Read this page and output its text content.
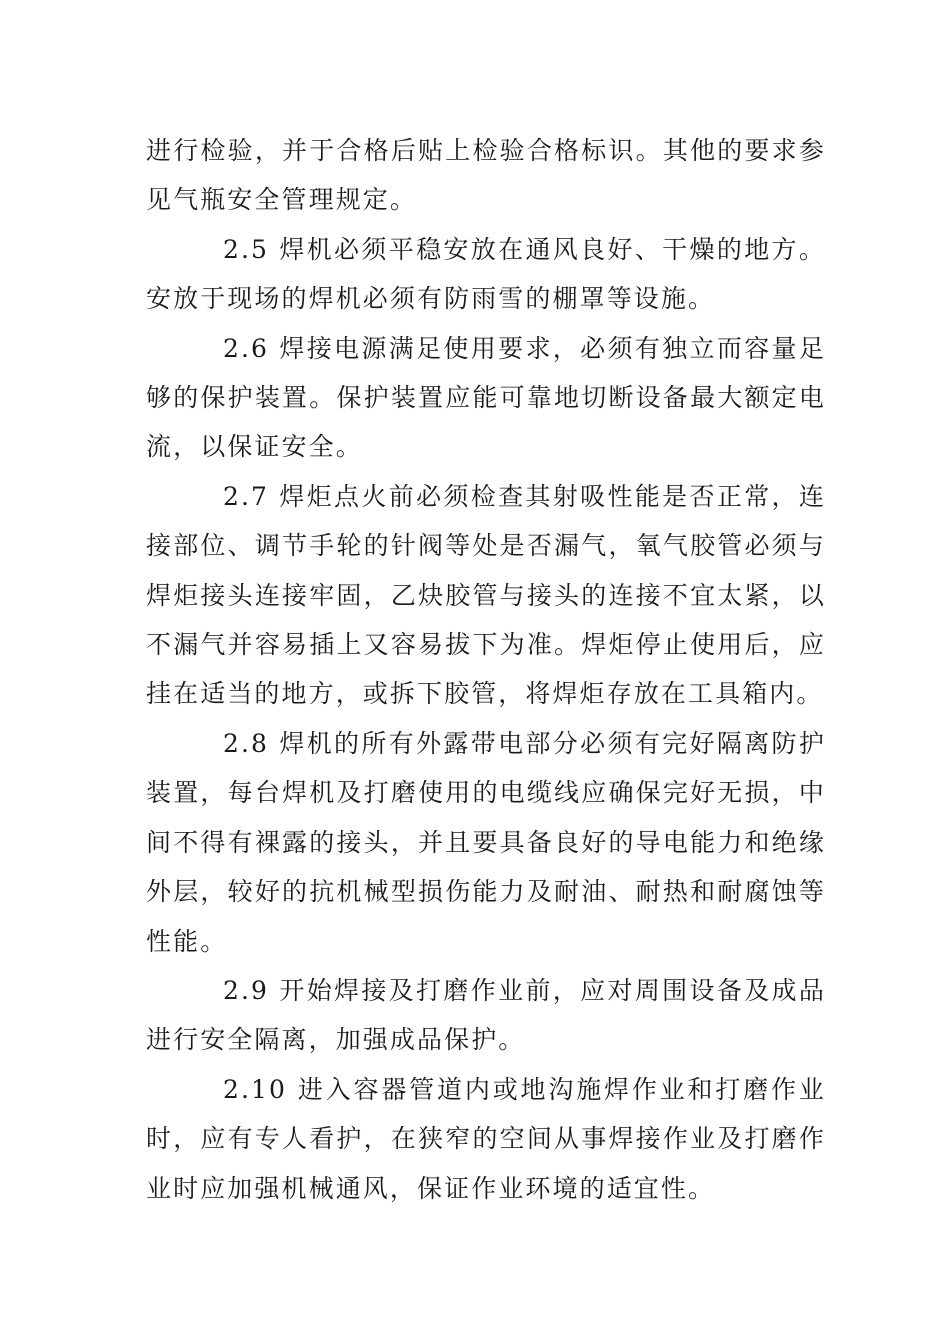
进行检验，并于合格后贴上检验合格标识。其他的要求参见气瓶安全管理规定。

2.5 焊机必须平稳安放在通风良好、干燥的地方。安放于现场的焊机必须有防雨雪的棚罩等设施。

2.6 焊接电源满足使用要求，必须有独立而容量足够的保护装置。保护装置应能可靠地切断设备最大额定电流，以保证安全。

2.7 焊炬点火前必须检查其射吸性能是否正常，连接部位、调节手轮的针阀等处是否漏气，氧气胶管必须与焊炬接头连接牢固，乙炔胶管与接头的连接不宜太紧，以不漏气并容易插上又容易拔下为准。焊炬停止使用后，应挂在适当的地方，或拆下胶管，将焊炬存放在工具箱内。

2.8 焊机的所有外露带电部分必须有完好隔离防护装置，每台焊机及打磨使用的电缆线应确保完好无损，中间不得有裸露的接头，并且要具备良好的导电能力和绝缘外层，较好的抗机械型损伤能力及耐油、耐热和耐腐蚀等性能。

2.9 开始焊接及打磨作业前，应对周围设备及成品进行安全隔离，加强成品保护。

2.10 进入容器管道内或地沟施焊作业和打磨作业时，应有专人看护，在狭窄的空间从事焊接作业及打磨作业时应加强机械通风，保证作业环境的适宜性。
